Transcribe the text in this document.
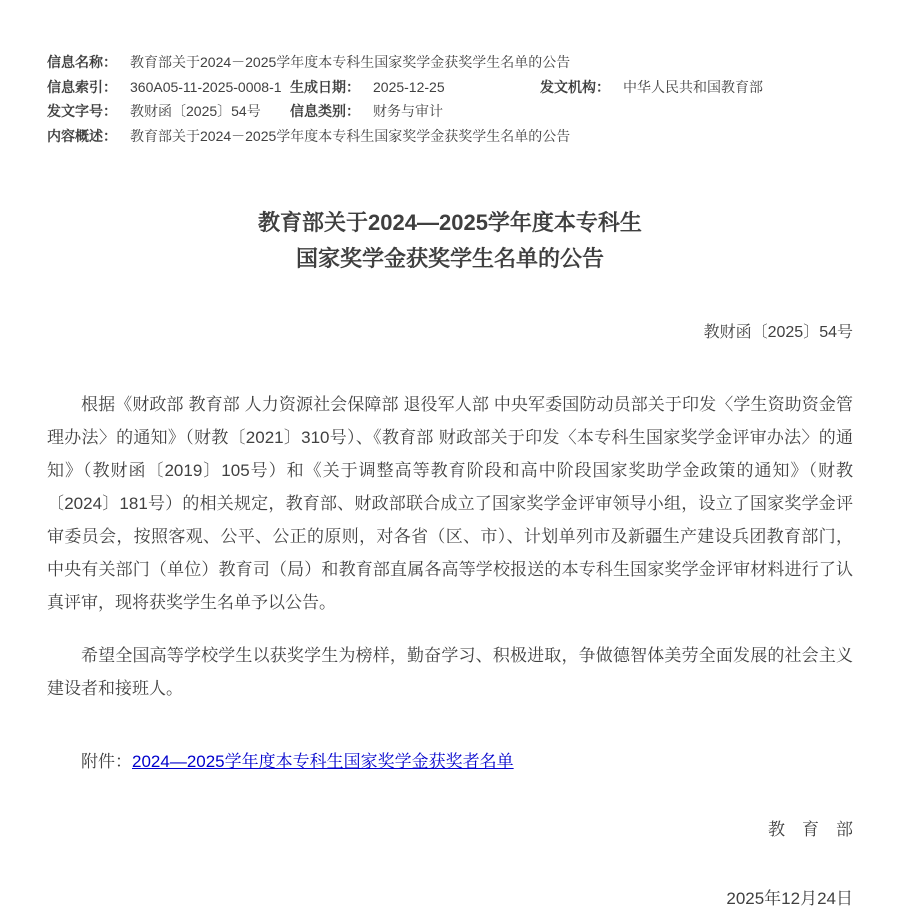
信息名称： 教育部关于2024－2025学年度本专科生国家奖学金获奖学生名单的公告
信息索引： 360A05-11-2025-0008-1 生成日期： 2025-12-25	发文机构： 中华人民共和国教育部
发文字号： 教财函〔2025〕54号 信息类别： 财务与审计
内容概述： 教育部关于2024－2025学年度本专科生国家奖学金获奖学生名单的公告
教育部关于2024—2025学年度本专科生
国家奖学金获奖学生名单的公告
教财函〔2025〕54号

根据《财政部 教育部 人力资源社会保障部 退役军人部 中央军委国防动员部关于印发〈学生资助资金管理办法〉的通知》（财教〔2021〕310号）、《教育部 财政部关于印发〈本专科生国家奖学金评审办法〉的通知》（教财函〔2019〕105号）和《关于调整高等教育阶段和高中阶段国家奖助学金政策的通知》（财教〔2024〕181号）的相关规定，教育部、财政部联合成立了国家奖学金评审领导小组，设立了国家奖学金评审委员会，按照客观、公平、公正的原则，对各省（区、市）、计划单列市及新疆生产建设兵团教育部门，中央有关部门（单位）教育司（局）和教育部直属各高等学校报送的本专科生国家奖学金评审材料进行了认真评审，现将获奖学生名单予以公告。

希望全国高等学校学生以获奖学生为榜样，勤奋学习、积极进取，争做德智体美劳全面发展的社会主义建设者和接班人。

附件：2024—2025学年度本专科生国家奖学金获奖者名单
教　育　部
2025年12月24日
